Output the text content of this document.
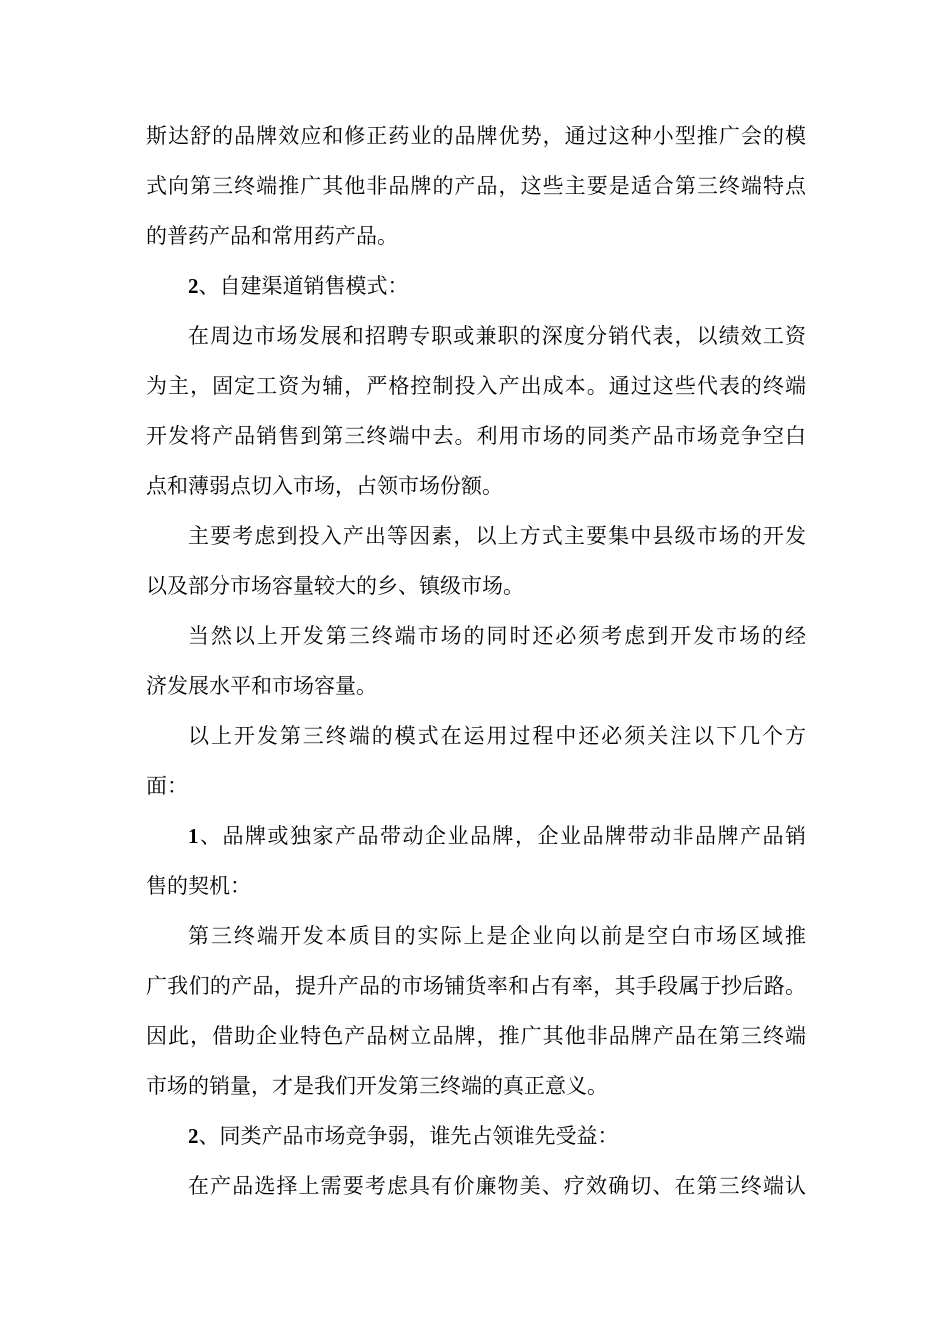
斯达舒的品牌效应和修正药业的品牌优势，通过这种小型推广会的模
式向第三终端推广其他非品牌的产品，这些主要是适合第三终端特点
的普药产品和常用药产品。
2、自建渠道销售模式：
在周边市场发展和招聘专职或兼职的深度分销代表，以绩效工资
为主，固定工资为辅，严格控制投入产出成本。通过这些代表的终端
开发将产品销售到第三终端中去。利用市场的同类产品市场竞争空白
点和薄弱点切入市场，占领市场份额。
主要考虑到投入产出等因素，以上方式主要集中县级市场的开发
以及部分市场容量较大的乡、镇级市场。
当然以上开发第三终端市场的同时还必须考虑到开发市场的经
济发展水平和市场容量。
以上开发第三终端的模式在运用过程中还必须关注以下几个方
面：
1、品牌或独家产品带动企业品牌，企业品牌带动非品牌产品销
售的契机：
第三终端开发本质目的实际上是企业向以前是空白市场区域推
广我们的产品，提升产品的市场铺货率和占有率，其手段属于抄后路。
因此，借助企业特色产品树立品牌，推广其他非品牌产品在第三终端
市场的销量，才是我们开发第三终端的真正意义。
2、同类产品市场竞争弱，谁先占领谁先受益：
在产品选择上需要考虑具有价廉物美、疗效确切、在第三终端认
